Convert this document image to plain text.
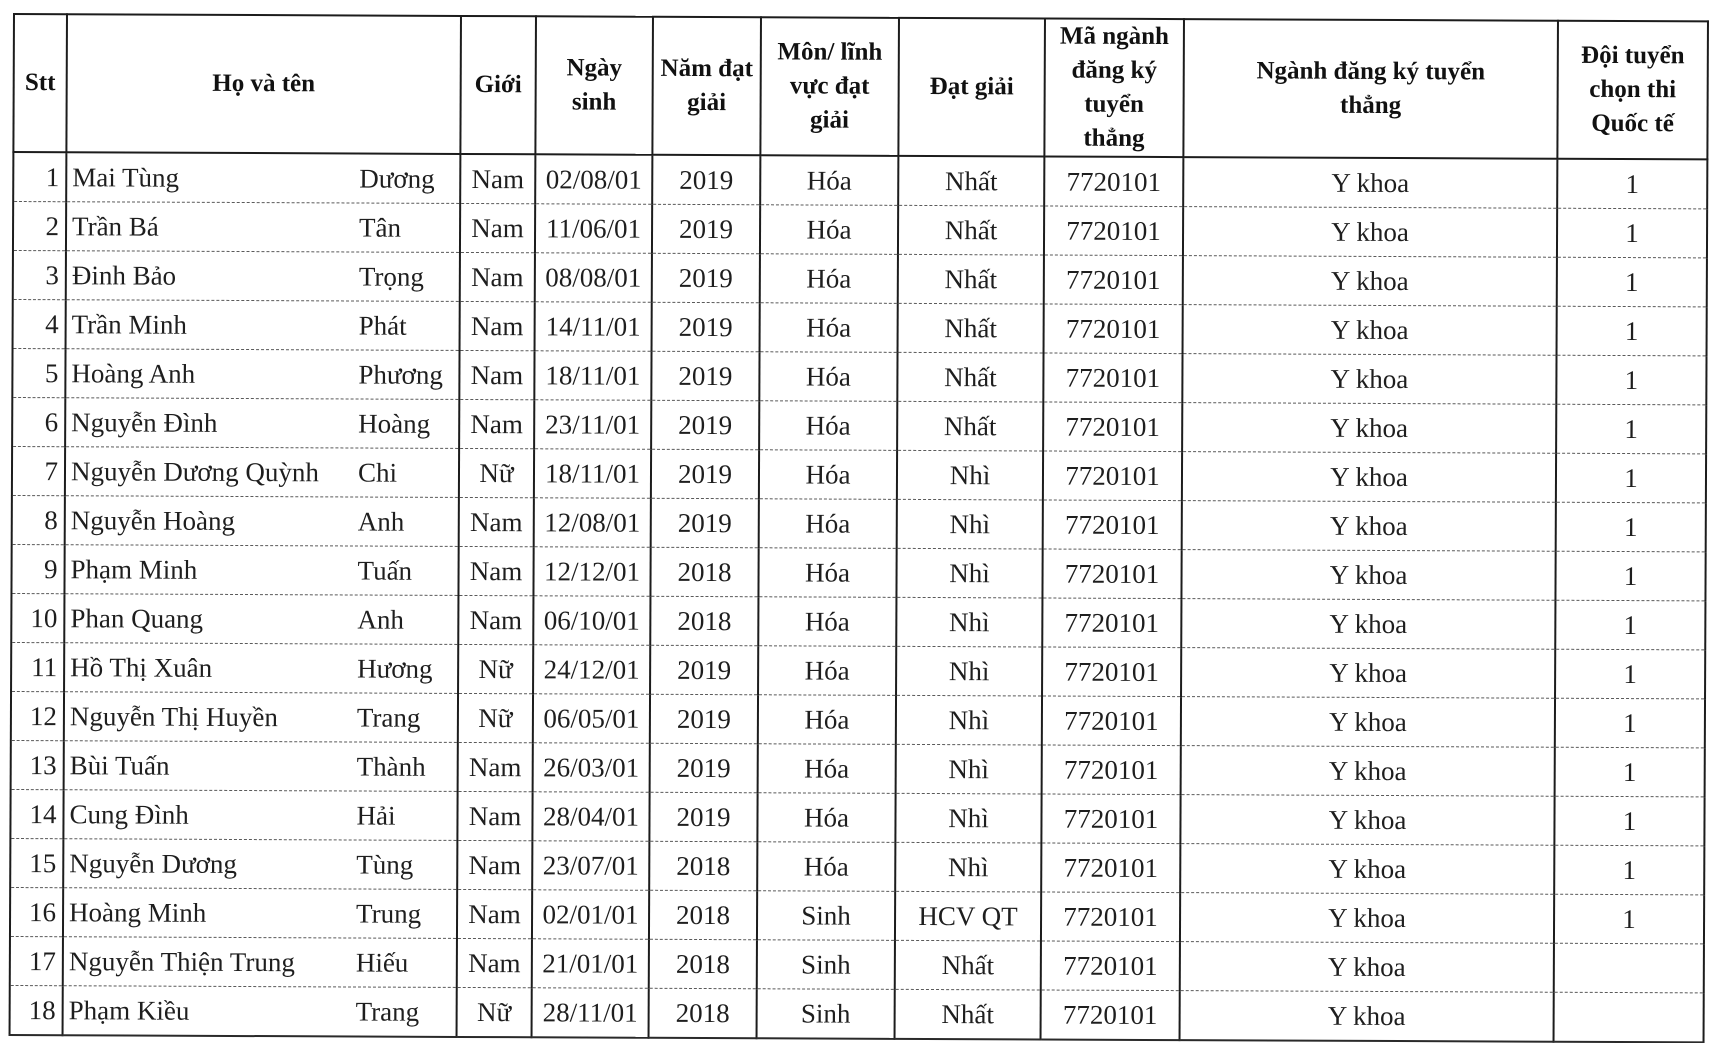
Stt	Họ và tên	Giới	Ngày sinh	Năm đạt giải	Môn/ lĩnh vực đạt giải	Đạt giải	Mã ngành đăng ký tuyển thẳng	Ngành đăng ký tuyển thẳng	Đội tuyển chọn thi Quốc tế
1	Mai Tùng Dương	Nam	02/08/01	2019	Hóa	Nhất	7720101	Y khoa	1
2	Trần Bá Tân	Nam	11/06/01	2019	Hóa	Nhất	7720101	Y khoa	1
3	Đinh Bảo Trọng	Nam	08/08/01	2019	Hóa	Nhất	7720101	Y khoa	1
4	Trần Minh Phát	Nam	14/11/01	2019	Hóa	Nhất	7720101	Y khoa	1
5	Hoàng Anh Phương	Nam	18/11/01	2019	Hóa	Nhất	7720101	Y khoa	1
6	Nguyễn Đình Hoàng	Nam	23/11/01	2019	Hóa	Nhất	7720101	Y khoa	1
7	Nguyễn Dương Quỳnh Chi	Nữ	18/11/01	2019	Hóa	Nhì	7720101	Y khoa	1
8	Nguyễn Hoàng Anh	Nam	12/08/01	2019	Hóa	Nhì	7720101	Y khoa	1
9	Phạm Minh Tuấn	Nam	12/12/01	2018	Hóa	Nhì	7720101	Y khoa	1
10	Phan Quang Anh	Nam	06/10/01	2018	Hóa	Nhì	7720101	Y khoa	1
11	Hồ Thị Xuân Hương	Nữ	24/12/01	2019	Hóa	Nhì	7720101	Y khoa	1
12	Nguyễn Thị Huyền Trang	Nữ	06/05/01	2019	Hóa	Nhì	7720101	Y khoa	1
13	Bùi Tuấn Thành	Nam	26/03/01	2019	Hóa	Nhì	7720101	Y khoa	1
14	Cung Đình Hải	Nam	28/04/01	2019	Hóa	Nhì	7720101	Y khoa	1
15	Nguyễn Dương Tùng	Nam	23/07/01	2018	Hóa	Nhì	7720101	Y khoa	1
16	Hoàng Minh Trung	Nam	02/01/01	2018	Sinh	HCV QT	7720101	Y khoa	1
17	Nguyễn Thiện Trung Hiếu	Nam	21/01/01	2018	Sinh	Nhất	7720101	Y khoa	
18	Phạm Kiều Trang	Nữ	28/11/01	2018	Sinh	Nhất	7720101	Y khoa	
